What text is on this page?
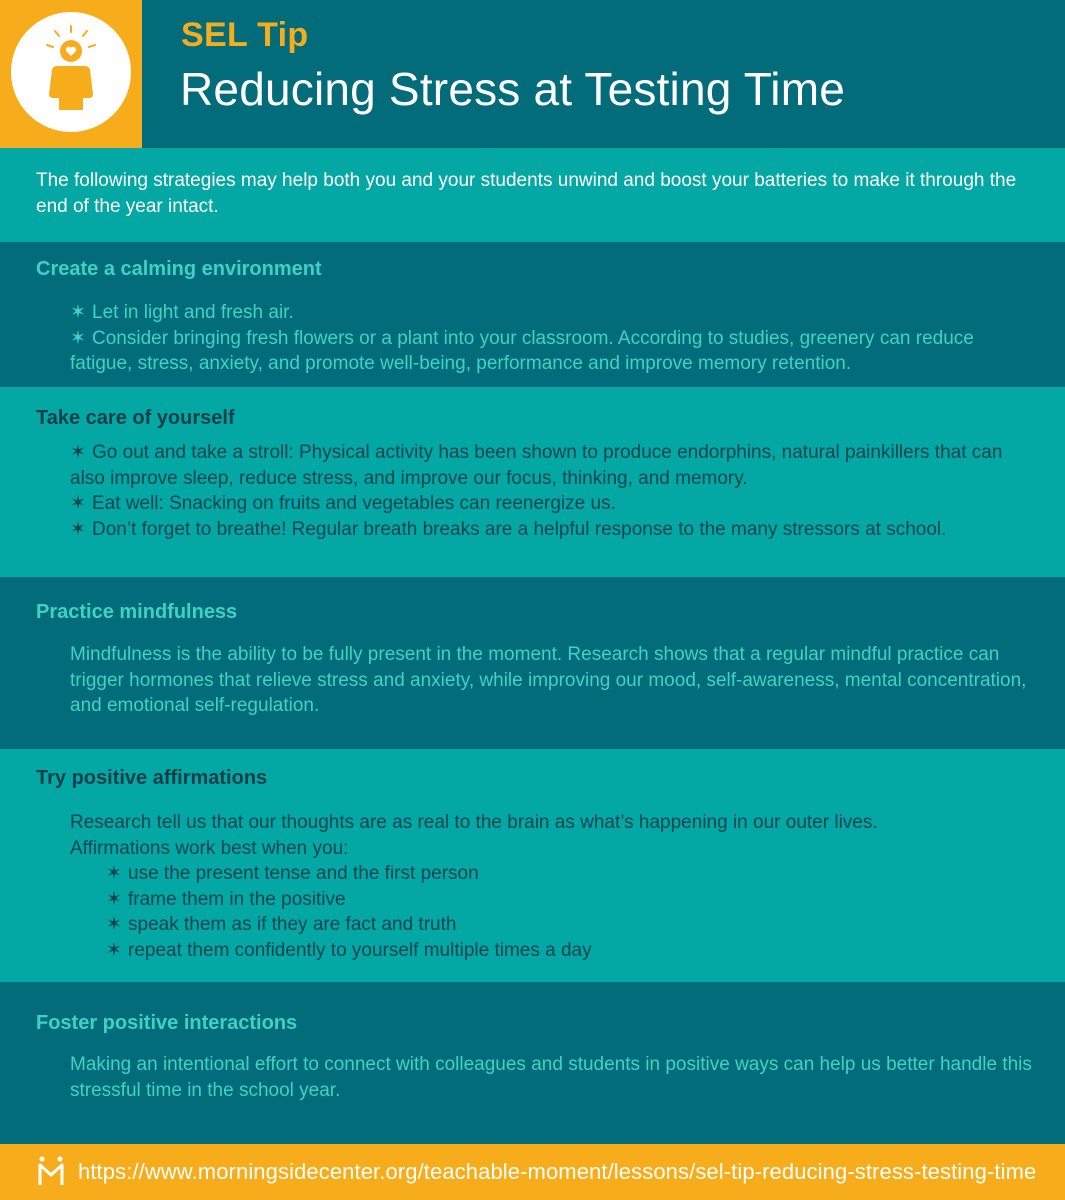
SEL Tip
Reducing Stress at Testing Time
The following strategies may help both you and your students unwind and boost your batteries to make it through the end of the year intact.
Create a calming environment
✶ Let in light and fresh air.
✶ Consider bringing fresh flowers or a plant into your classroom. According to studies, greenery can reduce fatigue, stress, anxiety, and promote well-being, performance and improve memory retention.
Take care of yourself
✶ Go out and take a stroll: Physical activity has been shown to produce endorphins, natural painkillers that can also improve sleep, reduce stress, and improve our focus, thinking, and memory.
✶ Eat well: Snacking on fruits and vegetables can reenergize us.
✶ Don’t forget to breathe! Regular breath breaks are a helpful response to the many stressors at school.
Practice mindfulness
Mindfulness is the ability to be fully present in the moment. Research shows that a regular mindful practice can trigger hormones that relieve stress and anxiety, while improving our mood, self-awareness, mental concentration, and emotional self-regulation.
Try positive affirmations
Research tell us that our thoughts are as real to the brain as what’s happening in our outer lives.
Affirmations work best when you:
✶ use the present tense and the first person
✶ frame them in the positive
✶ speak them as if they are fact and truth
✶ repeat them confidently to yourself multiple times a day
Foster positive interactions
Making an intentional effort to connect with colleagues and students in positive ways can help us better handle this stressful time in the school year.
https://www.morningsidecenter.org/teachable-moment/lessons/sel-tip-reducing-stress-testing-time
